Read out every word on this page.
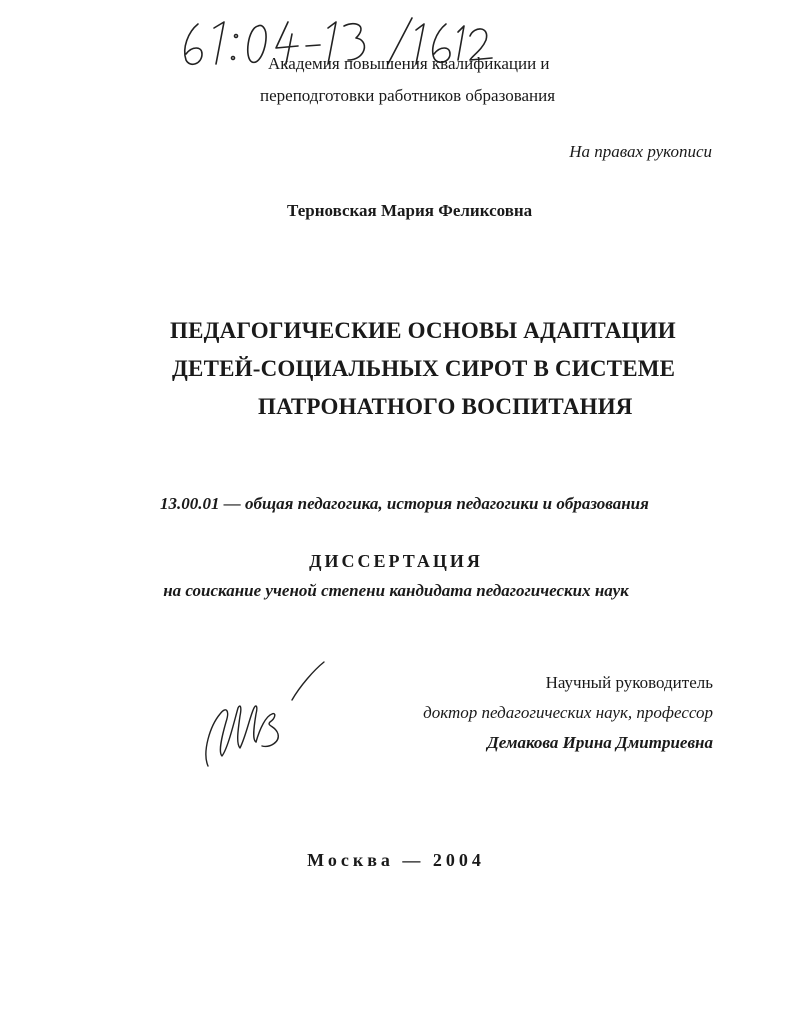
Академия повышения квалификации и
переподготовки работников образования
На правах рукописи
Терновская Мария Феликсовна
ПЕДАГОГИЧЕСКИЕ ОСНОВЫ АДАПТАЦИИ
ДЕТЕЙ-СОЦИАЛЬНЫХ СИРОТ В СИСТЕМЕ
ПАТРОНАТНОГО ВОСПИТАНИЯ
13.00.01 — общая педагогика, история педагогики и образования
ДИССЕРТАЦИЯ
на соискание ученой степени кандидата педагогических наук
Научный руководитель
доктор педагогических наук, профессор
Демакова Ирина Дмитриевна
Москва — 2004
